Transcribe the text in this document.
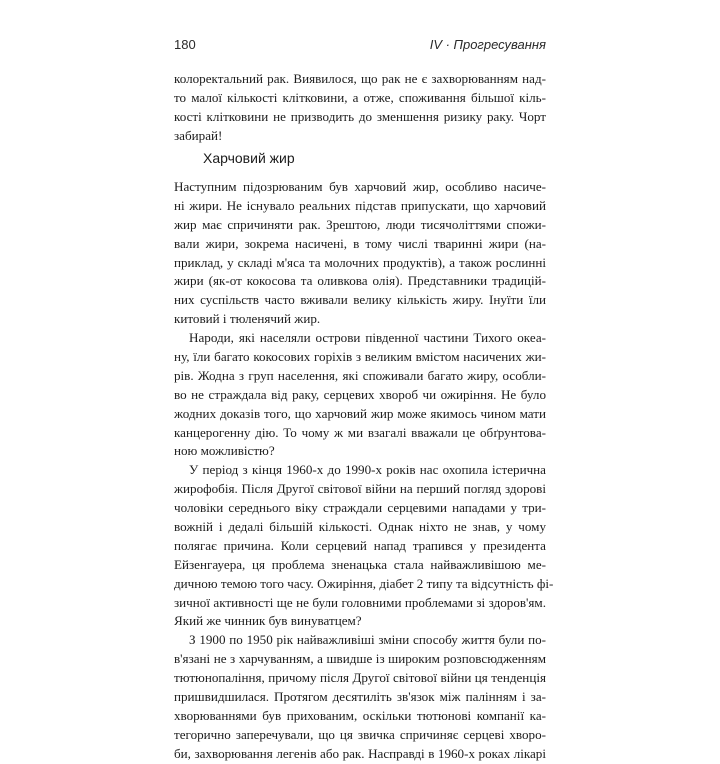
180	IV · Прогресування
колоректальний рак. Виявилося, що рак не є захворюванням над-
то малої кількості клітковини, а отже, споживання більшої кіль-
кості клітковини не призводить до зменшення ризику раку. Чорт
забирай!
Харчовий жир
Наступним підозрюваним був харчовий жир, особливо насиче-
ні жири. Не існувало реальних підстав припускати, що харчовий
жир має спричиняти рак. Зрештою, люди тисячоліттями спожи-
вали жири, зокрема насичені, в тому числі тваринні жири (на-
приклад, у складі м'яса та молочних продуктів), а також рослинні
жири (як-от кокосова та оливкова олія). Представники традицій-
них суспільств часто вживали велику кількість жиру. Інуїти їли
китовий і тюленячий жир.
Народи, які населяли острови південної частини Тихого океа-
ну, їли багато кокосових горіхів з великим вмістом насичених жи-
рів. Жодна з груп населення, які споживали багато жиру, особли-
во не страждала від раку, серцевих хвороб чи ожиріння. Не було
жодних доказів того, що харчовий жир може якимось чином мати
канцерогенну дію. То чому ж ми взагалі вважали це обґрунтова-
ною можливістю?
У період з кінця 1960-х до 1990-х років нас охопила істерична
жирофобія. Після Другої світової війни на перший погляд здорові
чоловіки середнього віку страждали серцевими нападами у три-
вожній і дедалі більшій кількості. Однак ніхто не знав, у чому
полягає причина. Коли серцевий напад трапився у президента
Ейзенгауера, ця проблема зненацька стала найважливішою ме-
дичною темою того часу. Ожиріння, діабет 2 типу та відсутність фі-
зичної активності ще не були головними проблемами зі здоров'ям.
Який же чинник був винуватцем?
З 1900 по 1950 рік найважливіші зміни способу життя були по-
в'язані не з харчуванням, а швидше із широким розповсюдженням
тютюнопаління, причому після Другої світової війни ця тенденція
пришвидшилася. Протягом десятиліть зв'язок між палінням і за-
хворюваннями був прихованим, оскільки тютюнові компанії ка-
тегорично заперечували, що ця звичка спричиняє серцеві хворо-
би, захворювання легенів або рак. Насправді в 1960-х роках лікарі
